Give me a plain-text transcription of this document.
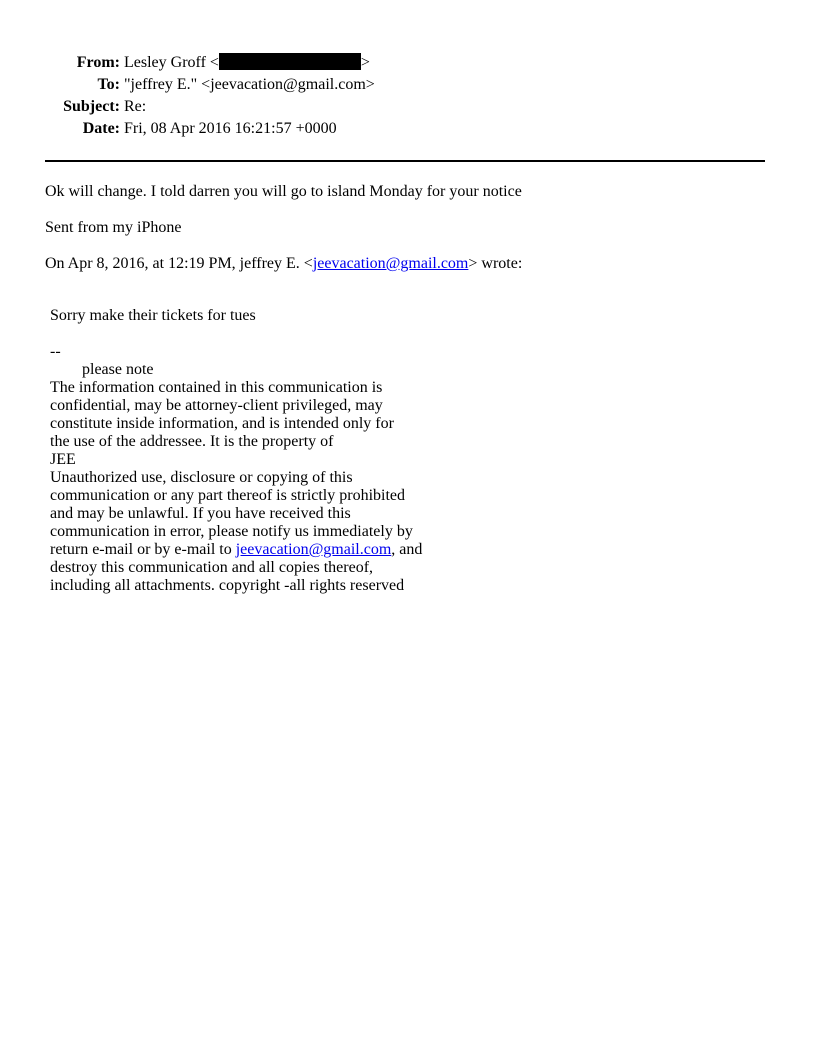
From: Lesley Groff <	>
To: "jeffrey E." <jeevacation@gmail.com>
Subject: Re:
Date: Fri, 08 Apr 2016 16:21:57 +0000
Ok will change. I told darren you will go to island Monday for your notice
Sent from my iPhone
On Apr 8, 2016, at 12:19 PM, jeffrey E. <jeevacation@gmail.com> wrote:
Sorry make their tickets for tues
--
please note
The information contained in this communication is
confidential, may be attorney-client privileged, may
constitute inside information, and is intended only for
the use of the addressee. It is the property of
JEE
Unauthorized use, disclosure or copying of this
communication or any part thereof is strictly prohibited
and may be unlawful. If you have received this
communication in error, please notify us immediately by
return e-mail or by e-mail to jeevacation@gmail.com, and
destroy this communication and all copies thereof,
including all attachments. copyright -all rights reserved
